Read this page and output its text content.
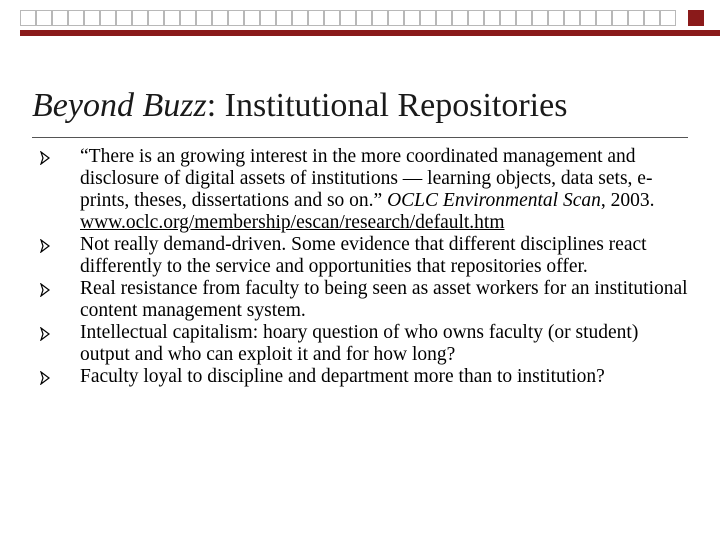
Beyond Buzz: Institutional Repositories
“There is an growing interest in the more coordinated management and disclosure of digital assets of institutions — learning objects, data sets, e-prints, theses, dissertations and so on.” OCLC Environmental Scan, 2003. www.oclc.org/membership/escan/research/default.htm
Not really demand-driven. Some evidence that different disciplines react differently to the service and opportunities that repositories offer.
Real resistance from faculty to being seen as asset workers for an institutional content management system.
Intellectual capitalism: hoary question of who owns faculty (or student) output and who can exploit it and for how long?
Faculty loyal to discipline and department more than to institution?
